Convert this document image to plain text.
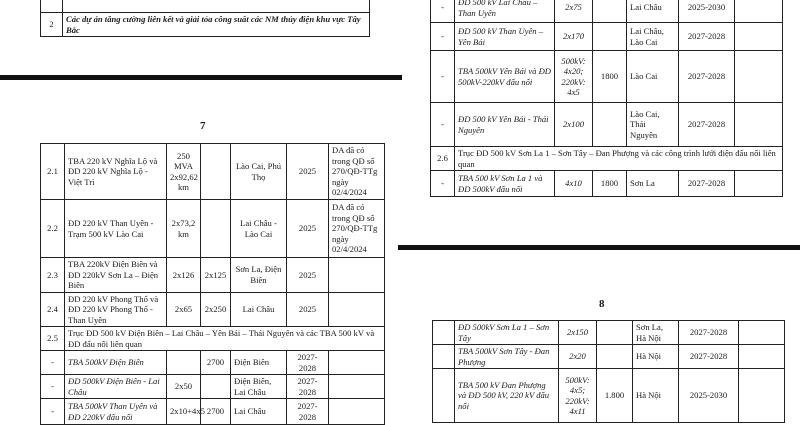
2	Các dự án tăng cường liên kết và giải tỏa công suất các NM thủy điện khu vực Tây Bắc
7
2.1	TBA 220 kV Nghĩa Lộ và ĐD 220 kV Nghĩa Lộ - Việt Trì	250 MVA 2x92,62 km		Lào Cai, Phú Thọ	2025	DA đã có trong QĐ số 270/QĐ-TTg ngày 02/4/2024
2.2	ĐD 220 kV Than Uyên - Trạm 500 kV Lào Cai	2x73,2 km		Lai Châu - Lào Cai	2025	DA đã có trong QĐ số 270/QĐ-TTg ngày 02/4/2024
2.3	TBA 220kV Điện Biên và ĐD 220kV Sơn La – Điện Biên	2x126	2x125	Sơn La, Điện Biên	2025	
2.4	ĐD 220 kV Phong Thổ và ĐD 220 kV Phong Thổ - Than Uyên	2x65	2x250	Lai Châu	2025	
2.5	Trục ĐD 500 kV Điện Biên – Lai Châu – Yên Bái – Thái Nguyên và các TBA 500 kV và ĐD đấu nối liên quan					
-	TBA 500kV Điện Biên		2700	Điện Biên	2027-2028	
-	ĐD 500kV Điện Biên - Lai Châu	2x50		Điện Biên, Lai Châu	2027-2028	
-	TBA 500kV Than Uyên và ĐD 220kV đấu nối	2x10+4x5	2700	Lai Châu	2027-2028	
-	ĐD 500 kV Lai Châu – Than Uyên	2x75		Lai Châu	2025-2030	
-	ĐD 500 kV Than Uyên – Yên Bái	2x170		Lai Châu, Lào Cai	2027-2028	
-	TBA 500kV Yên Bái và ĐD 500kV-220kV đấu nối	500kV: 4x20; 220kV: 4x5	1800	Lào Cai	2027-2028	
-	ĐD 500 kV Yên Bái - Thái Nguyên	2x100		Lào Cai, Thái Nguyên	2027-2028	
2.6	Trục ĐD 500 kV Sơn La 1 – Sơn Tây – Đan Phượng và các công trình lưới điện đấu nối liên quan					
-	TBA 500 kV Sơn La 1 và ĐD 500kV đấu nối	4x10	1800	Sơn La	2027-2028	
8
	ĐD 500kV Sơn La 1 – Sơn Tây	2x150		Sơn La, Hà Nội	2027-2028	
	TBA 500kV Sơn Tây - Đan Phượng	2x20		Hà Nội	2027-2028	
	TBA 500 kV Đan Phượng và ĐD 500 kV, 220 kV đấu nối	500kV: 4x5; 220kV: 4x11	1.800	Hà Nội	2025-2030	
